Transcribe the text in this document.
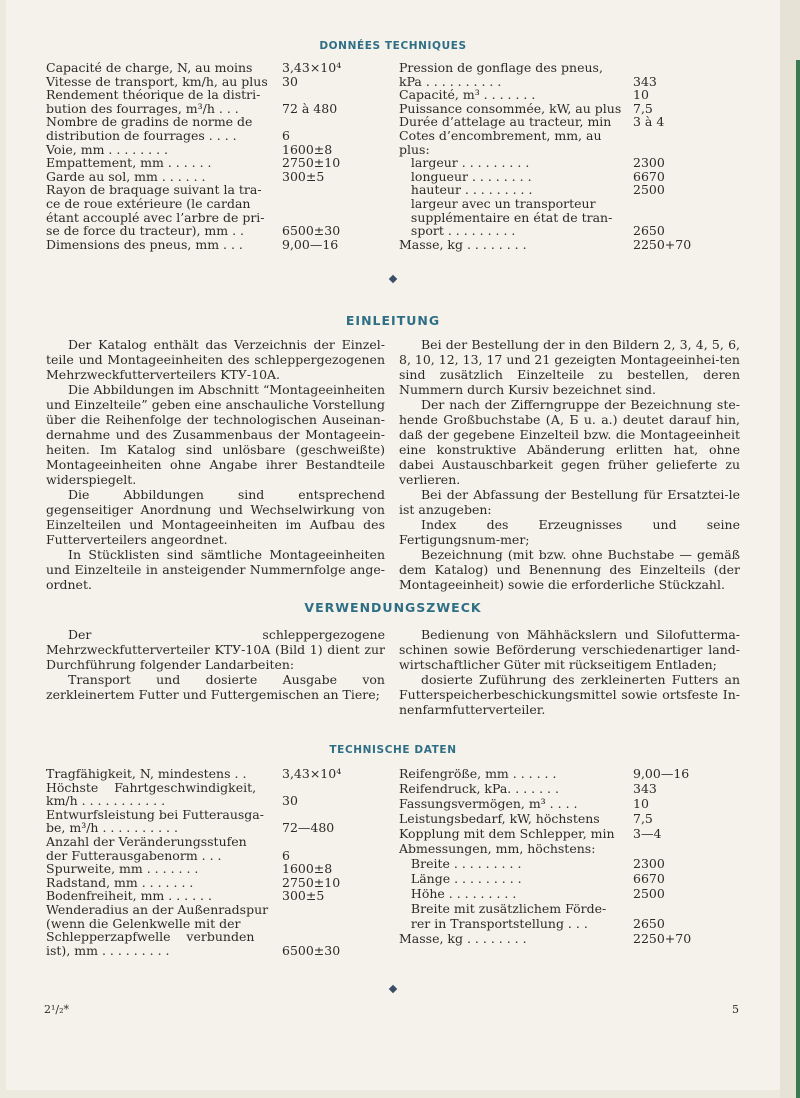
DONNÉES TECHNIQUES
Capacité de charge, N, au moins 3,43×10⁴
Vitesse de transport, km/h, au plus 30
Rendement théorique de la distri-
bution des fourrages, m³/h . . .	72 à 480
Nombre de gradins de norme de
distribution de fourrages . . . .	6
Voie, mm . . . . . . . .	1600±8
Empattement, mm . . . . . .	2750±10
Garde au sol, mm . . . . . .	300±5
Rayon de braquage suivant la tra-
ce de roue extérieure (le cardan
étant accouplé avec l’arbre de pri-
se de force du tracteur), mm . .	6500±30
Dimensions des pneus, mm . . .	9,00—16
Pression de gonflage des pneus,
kPa . . . . . . . . . .	343
Capacité, m³ . . . . . . .	10
Puissance consommée, kW, au plus 7,5
Durée d’attelage au tracteur, min 3 à 4
Cotes d’encombrement, mm, au
plus:
largeur . . . . . . . . .	2300
longueur . . . . . . . .	6670
hauteur . . . . . . . . .	2500
largeur avec un transporteur
supplémentaire en état de tran-
sport . . . . . . . . .	2650
Masse, kg . . . . . . . .	2250+70
EINLEITUNG

Der Katalog enthält das Verzeichnis der Einzel-teile und Montageeinheiten des schleppergezogenen Mehrzweckfutterverteilers KTУ-10A.

Die Abbildungen im Abschnitt “Montageeinheiten und Einzelteile” geben eine anschauliche Vorstellung über die Reihenfolge der technologischen Auseinan-dernahme und des Zusammenbaus der Montageein-heiten. Im Katalog sind unlösbare (geschweißte) Montageeinheiten ohne Angabe ihrer Bestandteile widerspiegelt.

Die Abbildungen sind entsprechend gegenseitiger Anordnung und Wechselwirkung von Einzelteilen und Montageeinheiten im Aufbau des Futterverteilers angeordnet.

In Stücklisten sind sämtliche Montageeinheiten und Einzelteile in ansteigender Nummernfolge ange-ordnet.

Bei der Bestellung der in den Bildern 2, 3, 4, 5, 6, 8, 10, 12, 13, 17 und 21 gezeigten Montageeinhei-ten sind zusätzlich Einzelteile zu bestellen, deren Nummern durch Kursiv bezeichnet sind.

Der nach der Zifferngruppe der Bezeichnung ste-hende Großbuchstabe (А, Б u. a.) deutet darauf hin, daß der gegebene Einzelteil bzw. die Montageeinheit eine konstruktive Abänderung erlitten hat, ohne dabei Austauschbarkeit gegen früher gelieferte zu verlieren.

Bei der Abfassung der Bestellung für Ersatztei-le ist anzugeben:

Index des Erzeugnisses und seine Fertigungsnum-mer;

Bezeichnung (mit bzw. ohne Buchstabe — gemäß dem Katalog) und Benennung des Einzelteils (der Montageeinheit) sowie die erforderliche Stückzahl.

VERWENDUNGSZWECK

Der schleppergezogene Mehrzweckfutterverteiler KTУ-10A (Bild 1) dient zur Durchführung folgender Landarbeiten:

Transport und dosierte Ausgabe von zerkleinertem Futter und Futtergemischen an Tiere;

Bedienung von Mähhäckslern und Silofutterma-schinen sowie Beförderung verschiedenartiger land-wirtschaftlicher Güter mit rückseitigem Entladen;

dosierte Zuführung des zerkleinerten Futters an Futterspeicherbeschickungsmittel sowie ortsfeste In-nenfarmfutterverteiler.

TECHNISCHE DATEN
Tragfähigkeit, N, mindestens . .	3,43×10⁴
Höchste    Fahrtgeschwindigkeit,
km/h . . . . . . . . . . .	30
Entwurfsleistung bei Futterausga-
be, m³/h . . . . . . . . . .	72—480
Anzahl der Veränderungsstufen
der Futterausgabenorm . . .	6
Spurweite, mm . . . . . . .	1600±8
Radstand, mm . . . . . . .	2750±10
Bodenfreiheit, mm . . . . . .	300±5
Wenderadius an der Außenradspur
(wenn die Gelenkwelle mit der
Schlepperzapfwelle    verbunden
ist), mm . . . . . . . . .	6500±30
Reifengröße, mm . . . . . .	9,00—16
Reifendruck, kPa. . . . . . .	343
Fassungsvermögen, m³ . . . .	10
Leistungsbedarf, kW, höchstens	7,5
Kopplung mit dem Schlepper, min 3—4
Abmessungen, mm, höchstens:
Breite . . . . . . . . .	2300
Länge . . . . . . . . .	6670
Höhe . . . . . . . . .	2500
Breite mit zusätzlichem Förde-
rer in Transportstellung . . .	2650
Masse, kg . . . . . . . .	2250+70
2¹/₂*	5
